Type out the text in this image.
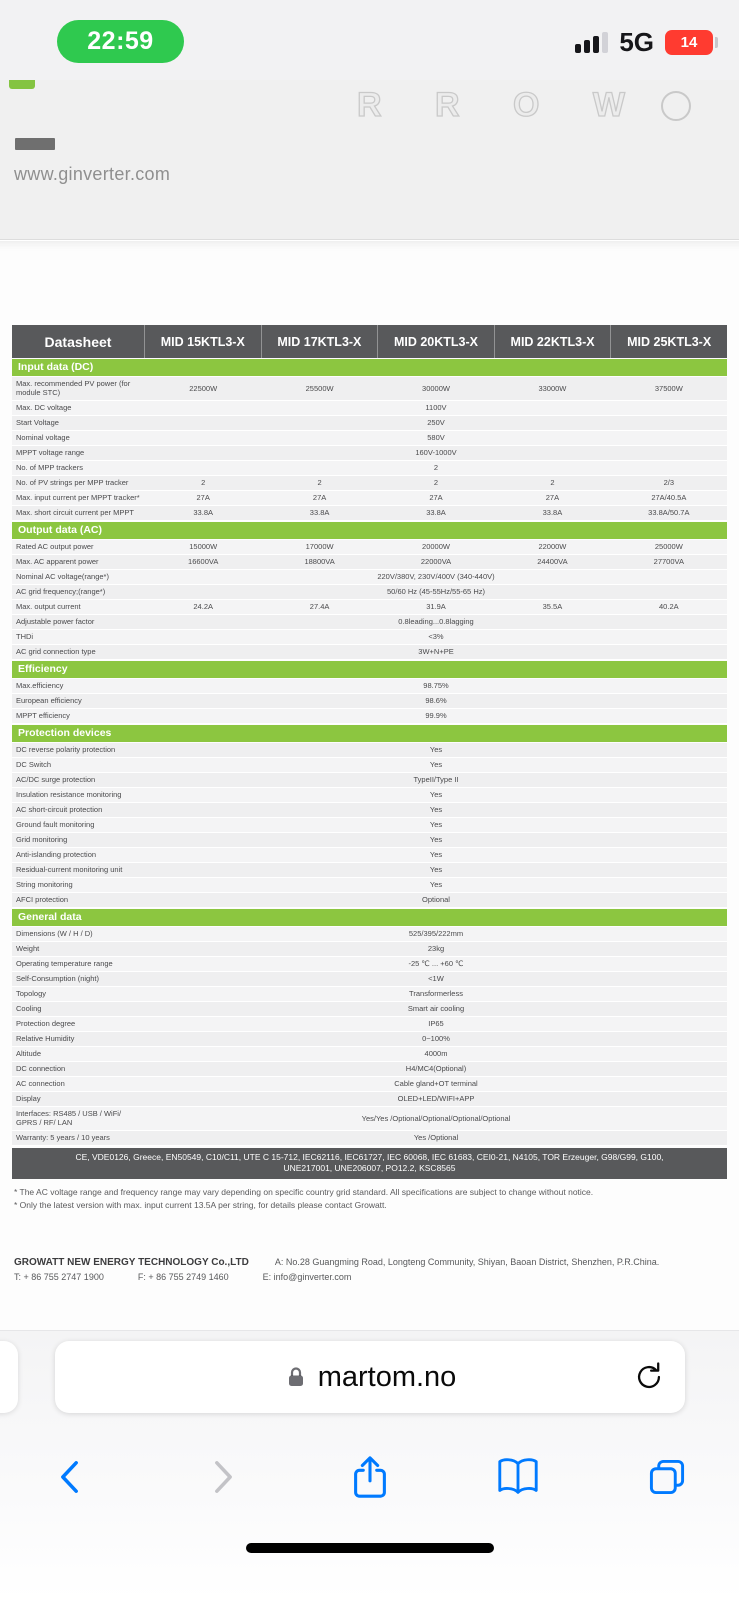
22:59	5G 14
R R O W
www.ginverter.com
Datasheet	MID 15KTL3-X	MID 17KTL3-X	MID 20KTL3-X	MID 22KTL3-X	MID 25KTL3-X
Input data (DC)
Max. recommended PV power (for module STC)	22500W	25500W	30000W	33000W	37500W
Max. DC voltage	1100V
Start Voltage	250V
Nominal voltage	580V
MPPT voltage range	160V-1000V
No. of MPP trackers	2
No. of PV strings per MPP tracker	2	2	2	2	2/3
Max. input current per MPPT tracker*	27A	27A	27A	27A	27A/40.5A
Max. short circuit current per MPPT	33.8A	33.8A	33.8A	33.8A	33.8A/50.7A
Output data (AC)
Rated AC output power	15000W	17000W	20000W	22000W	25000W
Max. AC apparent power	16600VA	18800VA	22000VA	24400VA	27700VA
Nominal AC voltage(range*)	220V/380V, 230V/400V (340-440V)
AC grid frequency;(range*)	50/60 Hz (45-55Hz/55-65 Hz)
Max. output current	24.2A	27.4A	31.9A	35.5A	40.2A
Adjustable power factor	0.8leading...0.8lagging
THDi	<3%
AC grid connection type	3W+N+PE
Efficiency
Max.efficiency	98.75%
European efficiency	98.6%
MPPT efficiency	99.9%
Protection devices
DC reverse polarity protection	Yes
DC Switch	Yes
AC/DC surge protection	TypeII/Type II
Insulation resistance monitoring	Yes
AC short-circuit protection	Yes
Ground fault monitoring	Yes
Grid monitoring	Yes
Anti-islanding protection	Yes
Residual-current monitoring unit	Yes
String monitoring	Yes
AFCI protection	Optional
General data
Dimensions (W / H / D)	525/395/222mm
Weight	23kg
Operating temperature range	-25 ℃ ... +60 ℃
Self-Consumption (night)	<1W
Topology	Transformerless
Cooling	Smart air cooling
Protection degree	IP65
Relative Humidity	0~100%
Altitude	4000m
DC connection	H4/MC4(Optional)
AC connection	Cable gland+OT terminal
Display	OLED+LED/WIFI+APP
Interfaces: RS485 / USB / WiFi/ GPRS / RF/ LAN	Yes/Yes /Optional/Optional/Optional/Optional
Warranty: 5 years / 10 years	Yes /Optional
CE, VDE0126, Greece, EN50549, C10/C11, UTE C 15-712, IEC62116, IEC61727, IEC 60068, IEC 61683, CEI0-21, N4105, TOR Erzeuger, G98/G99, G100, UNE217001, UNE206007, PO12.2, KSC8565
* The AC voltage range and frequency range may vary depending on specific country grid standard. All specifications are subject to change without notice.
* Only the latest version with max. input current 13.5A per string, for details please contact Growatt.
GROWATT NEW ENERGY TECHNOLOGY Co.,LTD	A: No.28 Guangming Road, Longteng Community, Shiyan, Baoan District, Shenzhen, P.R.China.
T: + 86 755 2747 1900	F: + 86 755 2749 1460	E: info@ginverter.com
martom.no
